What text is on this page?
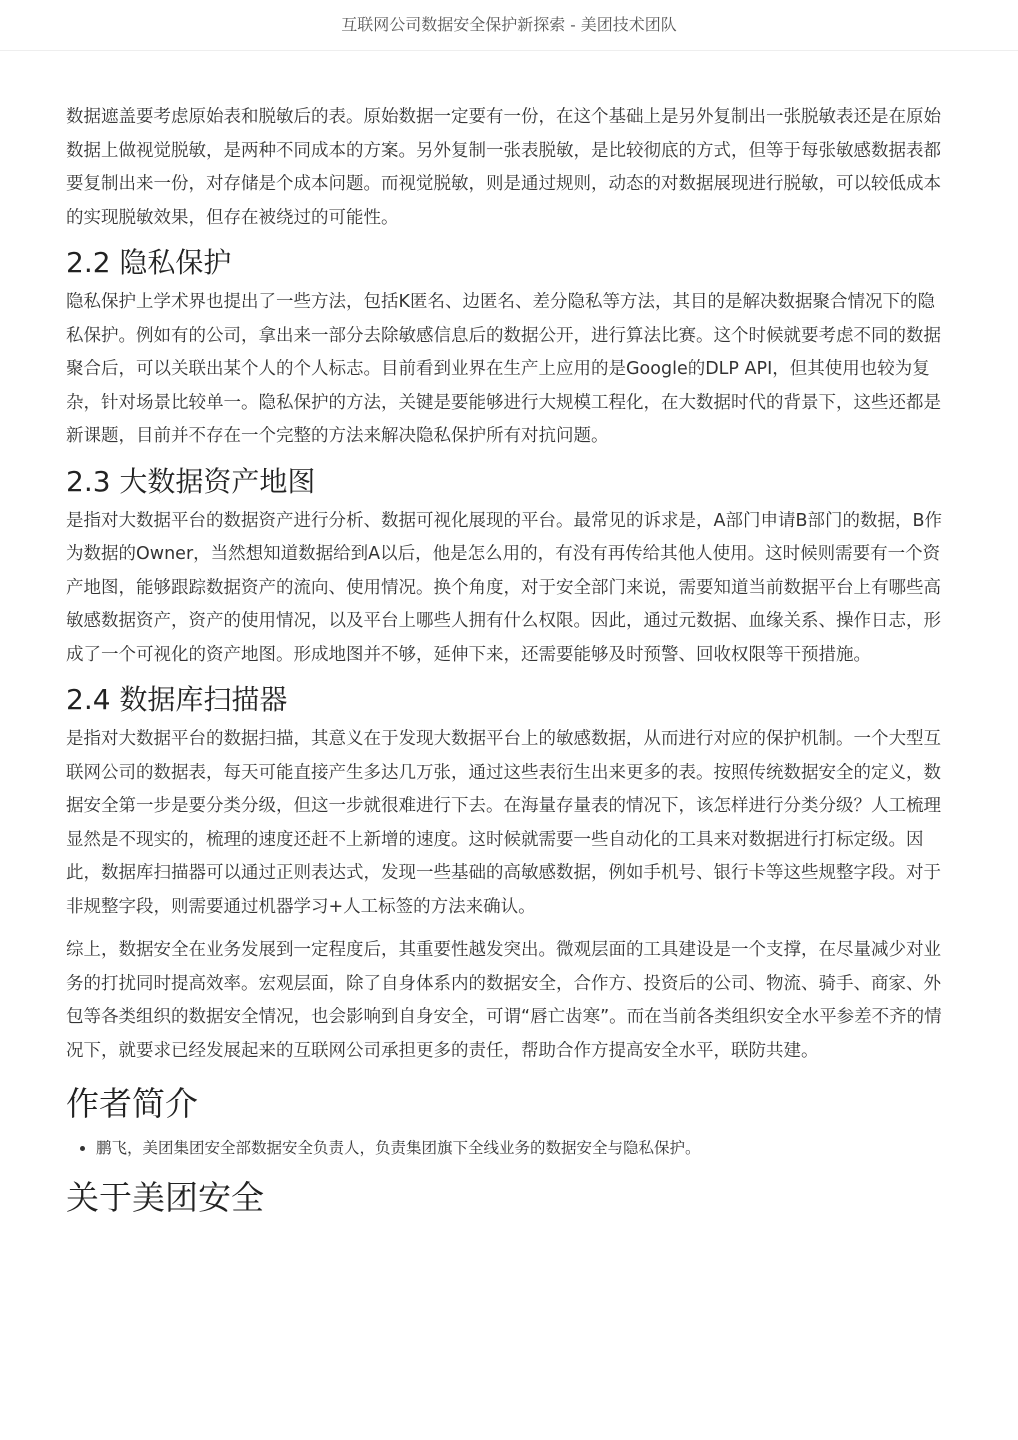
互联网公司数据安全保护新探索 - 美团技术团队

数据遮盖要考虑原始表和脱敏后的表。原始数据一定要有一份，在这个基础上是另外复制出一张脱敏表还是在原始数据上做视觉脱敏，是两种不同成本的方案。另外复制一张表脱敏，是比较彻底的方式，但等于每张敏感数据表都要复制出来一份，对存储是个成本问题。而视觉脱敏，则是通过规则，动态的对数据展现进行脱敏，可以较低成本的实现脱敏效果，但存在被绕过的可能性。

2.2 隐私保护

隐私保护上学术界也提出了一些方法，包括K匿名、边匿名、差分隐私等方法，其目的是解决数据聚合情况下的隐私保护。例如有的公司，拿出来一部分去除敏感信息后的数据公开，进行算法比赛。这个时候就要考虑不同的数据聚合后，可以关联出某个人的个人标志。目前看到业界在生产上应用的是Google的DLP API，但其使用也较为复杂，针对场景比较单一。隐私保护的方法，关键是要能够进行大规模工程化，在大数据时代的背景下，这些还都是新课题，目前并不存在一个完整的方法来解决隐私保护所有对抗问题。

2.3 大数据资产地图

是指对大数据平台的数据资产进行分析、数据可视化展现的平台。最常见的诉求是，A部门申请B部门的数据，B作为数据的Owner，当然想知道数据给到A以后，他是怎么用的，有没有再传给其他人使用。这时候则需要有一个资产地图，能够跟踪数据资产的流向、使用情况。换个角度，对于安全部门来说，需要知道当前数据平台上有哪些高敏感数据资产，资产的使用情况，以及平台上哪些人拥有什么权限。因此，通过元数据、血缘关系、操作日志，形成了一个可视化的资产地图。形成地图并不够，延伸下来，还需要能够及时预警、回收权限等干预措施。

2.4 数据库扫描器

是指对大数据平台的数据扫描，其意义在于发现大数据平台上的敏感数据，从而进行对应的保护机制。一个大型互联网公司的数据表，每天可能直接产生多达几万张，通过这些表衍生出来更多的表。按照传统数据安全的定义，数据安全第一步是要分类分级，但这一步就很难进行下去。在海量存量表的情况下，该怎样进行分类分级？人工梳理显然是不现实的，梳理的速度还赶不上新增的速度。这时候就需要一些自动化的工具来对数据进行打标定级。因此，数据库扫描器可以通过正则表达式，发现一些基础的高敏感数据，例如手机号、银行卡等这些规整字段。对于非规整字段，则需要通过机器学习+人工标签的方法来确认。

综上，数据安全在业务发展到一定程度后，其重要性越发突出。微观层面的工具建设是一个支撑，在尽量减少对业务的打扰同时提高效率。宏观层面，除了自身体系内的数据安全，合作方、投资后的公司、物流、骑手、商家、外包等各类组织的数据安全情况，也会影响到自身安全，可谓“唇亡齿寒”。而在当前各类组织安全水平参差不齐的情况下，就要求已经发展起来的互联网公司承担更多的责任，帮助合作方提高安全水平，联防共建。

作者简介
• 鹏飞，美团集团安全部数据安全负责人，负责集团旗下全线业务的数据安全与隐私保护。
关于美团安全
